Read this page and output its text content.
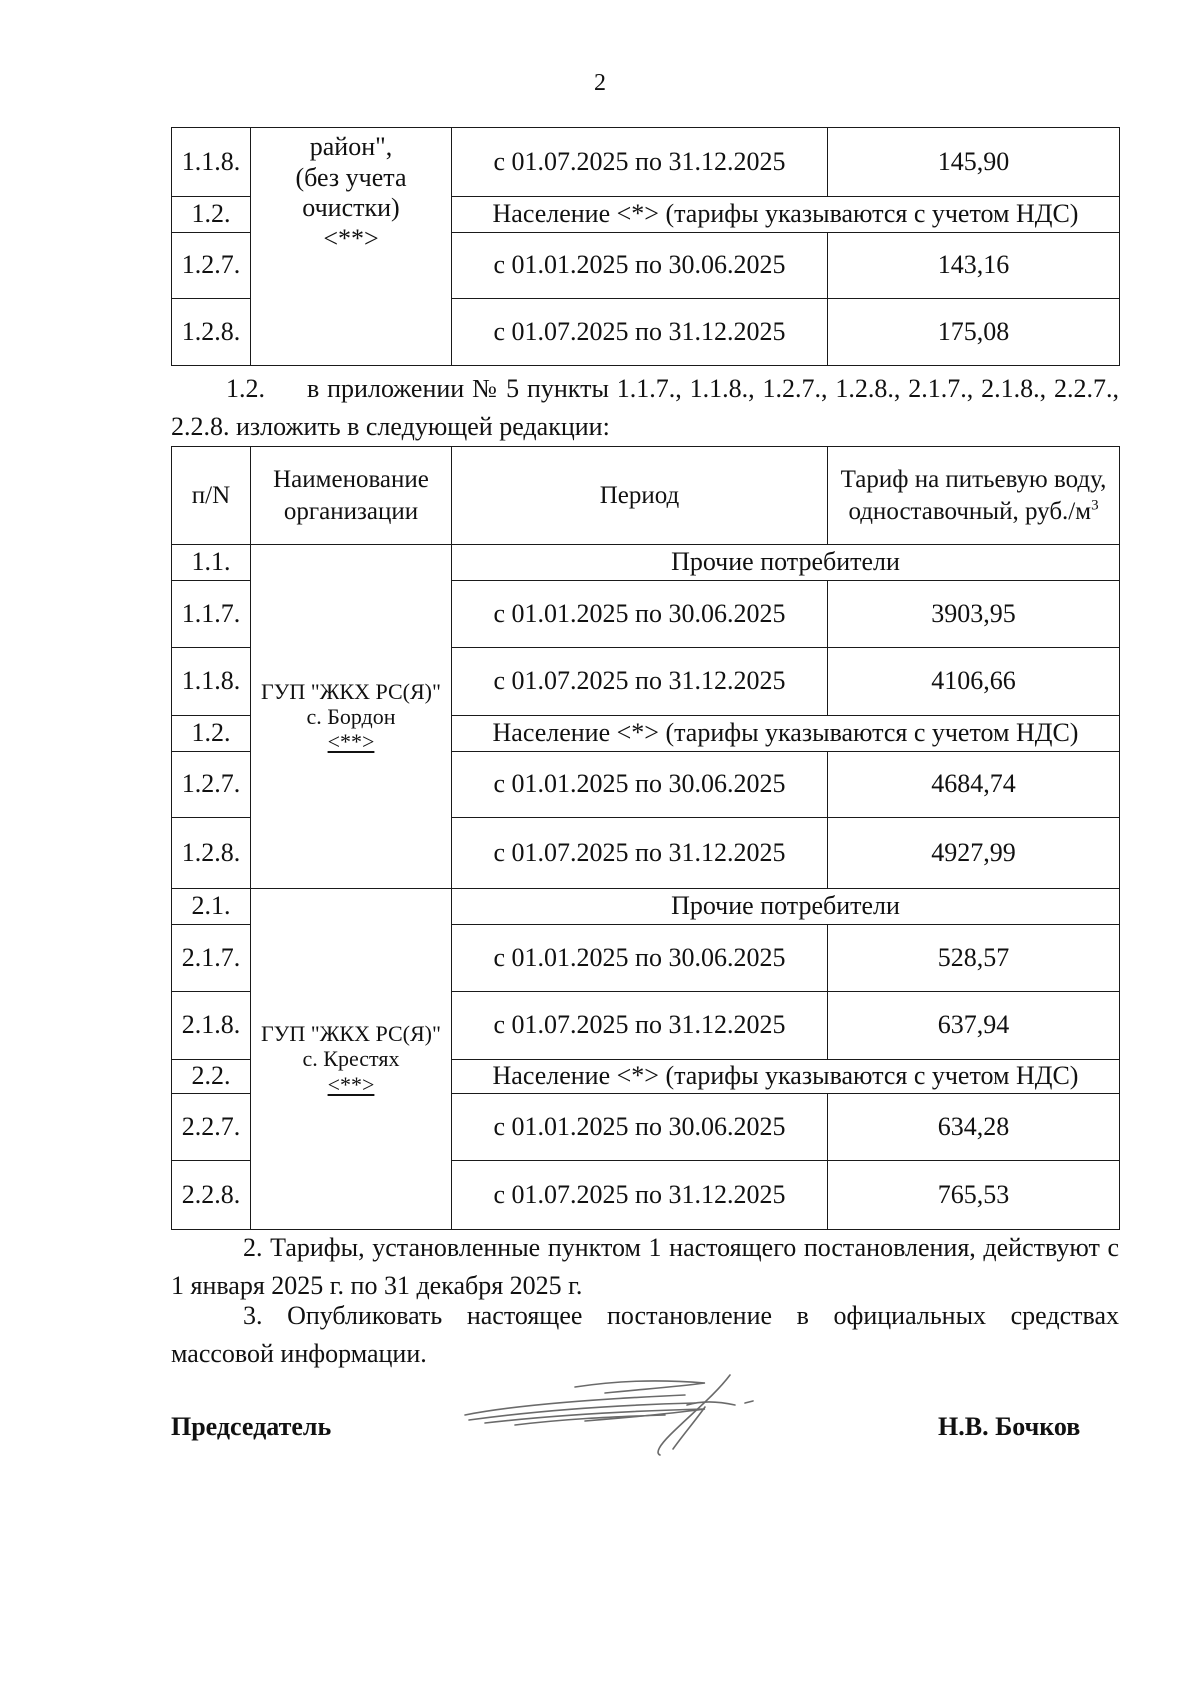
2
1.1.8.	район",
(без учета
очистки)
<**>	с 01.07.2025 по 31.12.2025	145,90
1.2.		Население <*> (тарифы указываются с учетом НДС)	
1.2.7.		с 01.01.2025 по 30.06.2025	143,16
1.2.8.		с 01.07.2025 по 31.12.2025	175,08
1.2. в приложении № 5 пункты 1.1.7., 1.1.8., 1.2.7., 1.2.8., 2.1.7., 2.1.8., 2.2.7., 2.2.8. изложить в следующей редакции:
п/N	Наименование организации	Период	Тариф на питьевую воду, одноставочный, $руб./м^3$
1.1.	ГУП "ЖКХ РС(Я)"
с. Бордон
<**>	Прочие потребители	
1.1.7.		с 01.01.2025 по 30.06.2025	3903,95
1.1.8.		с 01.07.2025 по 31.12.2025	4106,66
1.2.		Население <*> (тарифы указываются с учетом НДС)	
1.2.7.		с 01.01.2025 по 30.06.2025	4684,74
1.2.8.		с 01.07.2025 по 31.12.2025	4927,99
2.1.	ГУП "ЖКХ РС(Я)"
с. Крестях
<**>	Прочие потребители	
2.1.7.		с 01.01.2025 по 30.06.2025	528,57
2.1.8.		с 01.07.2025 по 31.12.2025	637,94
2.2.		Население <*> (тарифы указываются с учетом НДС)	
2.2.7.		с 01.01.2025 по 30.06.2025	634,28
2.2.8.		с 01.07.2025 по 31.12.2025	765,53
2. Тарифы, установленные пунктом 1 настоящего постановления, действуют с 1 января 2025 г. по 31 декабря 2025 г.
3. Опубликовать настоящее постановление в официальных средствах массовой информации.
Председатель	Н.В. Бочков
